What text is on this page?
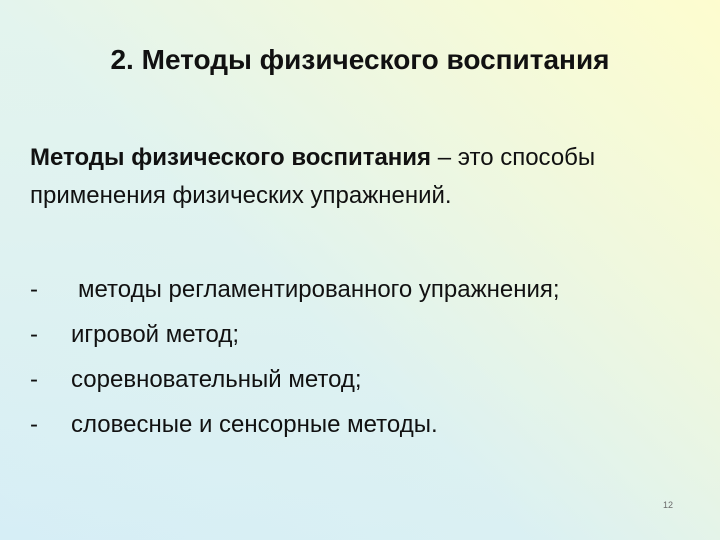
2. Методы физического воспитания

Методы физического воспитания – это способы применения физических упражнений.

-	методы регламентированного упражнения;
-	игровой метод;
-	соревновательный метод;
-	словесные и сенсорные методы.
12
